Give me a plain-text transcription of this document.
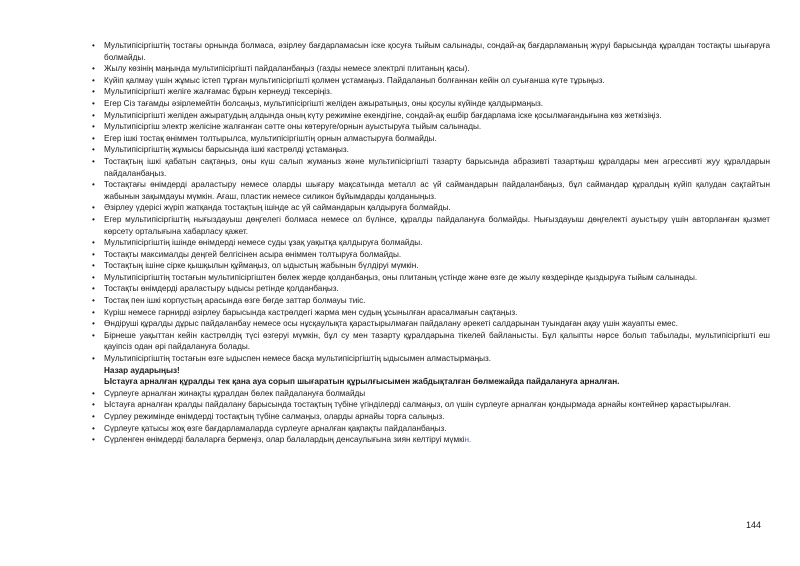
• Мультипісіргіштің тостағы орнында болмаса, әзірлеу бағдарламасын іске қосуға тыйым салынады, сондай-ақ бағдарламаның жүруі барысында құралдан тостақты шығаруға болмайды.
• Жылу көзінің маңында мультипісіргішті пайдаланбаңыз (газды немесе электрлі плитаның қасы).
• Күйіп қалмау үшін жұмыс істеп тұрған мультипісіргішті қолмен ұстамаңыз. Пайдаланып болғаннан кейін ол суығанша күте тұрыңыз.
• Мультипісіргішті желіге жалғамас бұрын кернеуді тексеріңіз.
• Егер Сіз тағамды әзірлемейтін болсаңыз, мультипісіргішті желіден ажыратыңыз, оны қосулы күйінде қалдырмаңыз.
• Мультипісіргішті желіден ажыратудың алдында оның күту режиміне екендігіне, сондай-ақ ешбір бағдарлама іске қосылмағандығына көз жеткізіңіз.
• Мультипісіргіш электр желісіне жалғанған сәтте оны көтеруге/орнын ауыстыруға тыйым салынады.
• Егер ішкі тостақ өніммен толтырылса, мультипісіргіштің орнын алмастыруға болмайды.
• Мультипісіргіштің жұмысы барысында ішкі кастрөлді ұстамаңыз.
• Тостақтың ішкі қабатын сақтаңыз, оны күш салып жуманыз және мультипісіргішті тазарту барысында абразивті тазартқыш құралдары мен агрессивті жуу құралдарын пайдаланбаңыз.
• Тостақтағы өнімдерді араластыру немесе оларды шығару мақсатында металл ас үй саймандарын пайдаланбаңыз, бұл саймандар құралдың күйіп қалудан сақтайтын жабынын зақымдауы мүмкін. Ағаш, пластик немесе силикон бұйымдарды қолданыңыз.
• Әзірлеу үдерісі жүріп жатқанда тостақтың ішінде ас үй саймандарын қалдыруға болмайды.
• Егер мультипісіргіштің нығыздауыш дөңгелегі болмаса немесе ол бүлінсе, құралды пайдалануға болмайды. Нығыздауыш дөңгелекті ауыстыру үшін авторланған қызмет көрсету орталығына хабарласу қажет.
• Мультипісіргіштің ішінде өнімдерді немесе суды ұзақ уақытқа қалдыруға болмайды.
• Тостақты максималды деңгей белгісінен асыра өніммен толтыруға болмайды.
• Тостақтың ішіне сірке қышқылын құймаңыз, ол ыдыстың жабынын бүлдіруі мүмкін.
• Мультипісіргіштің тостағын мультипісіргіштен бөлек жерде қолданбаңыз, оны плитаның үстінде және өзге де жылу көздерінде қыздыруға тыйым салынады.
• Тостақты өнімдерді араластыру ыдысы ретінде қолданбаңыз.
• Тостақ пен ішкі корпустың арасында өзге бөгде заттар болмауы тиіс.
• Күріш немесе гарнирді әзірлеу барысында кастрөлдегі жарма мен судың ұсынылған арасалмағын сақтаңыз.
• Өндіруші құралды дұрыс пайдаланбау немесе осы нұсқаулықта қарастырылмаған пайдалану әрекеті салдарынан туындаған ақау үшін жауапты емес.
• Бірнеше уақыттан кейін кастрөлдің түсі өзгеруі мүмкін, бұл су мен тазарту құралдарына тікелей байланысты. Бұл қалыпты нәрсе болып табылады, мультипісіргішті еш қауіпсіз одан әрі пайдалануға болады.
• Мультипісіргіштің тостағын өзге ыдыспен немесе басқа мультипісіргіштің ыдысымен алмастырмаңыз.
Назар аударыңыз!
Ыстауға арналған құралды тек қана ауа сорып шығаратын құрылғысымен жабдықталған бөлмежайда пайдалануға арналған.
• Сүрлеуге арналған жинақты құралдан бөлек пайдалануға болмайды
• Ыстауға арналған кралды пайдалану барысында тостақтың түбіне үгінділерді салмаңыз, ол үшін сүрлеуге арналған қондырмада арнайы контейнер қарастырылған.
• Сүрлеу режимінде өнімдерді тостақтың түбіне салмаңыз, оларды арнайы торға салыңыз.
• Сүрлеуге қатысы жоқ өзге бағдарламаларда сүрлеуге арналған қақпақты пайдаланбаңыз.
• Сүрленген өнімдерді балаларға бермеңіз, олар балалардың денсаулығына зиян келтіруі мүмкін.
144
